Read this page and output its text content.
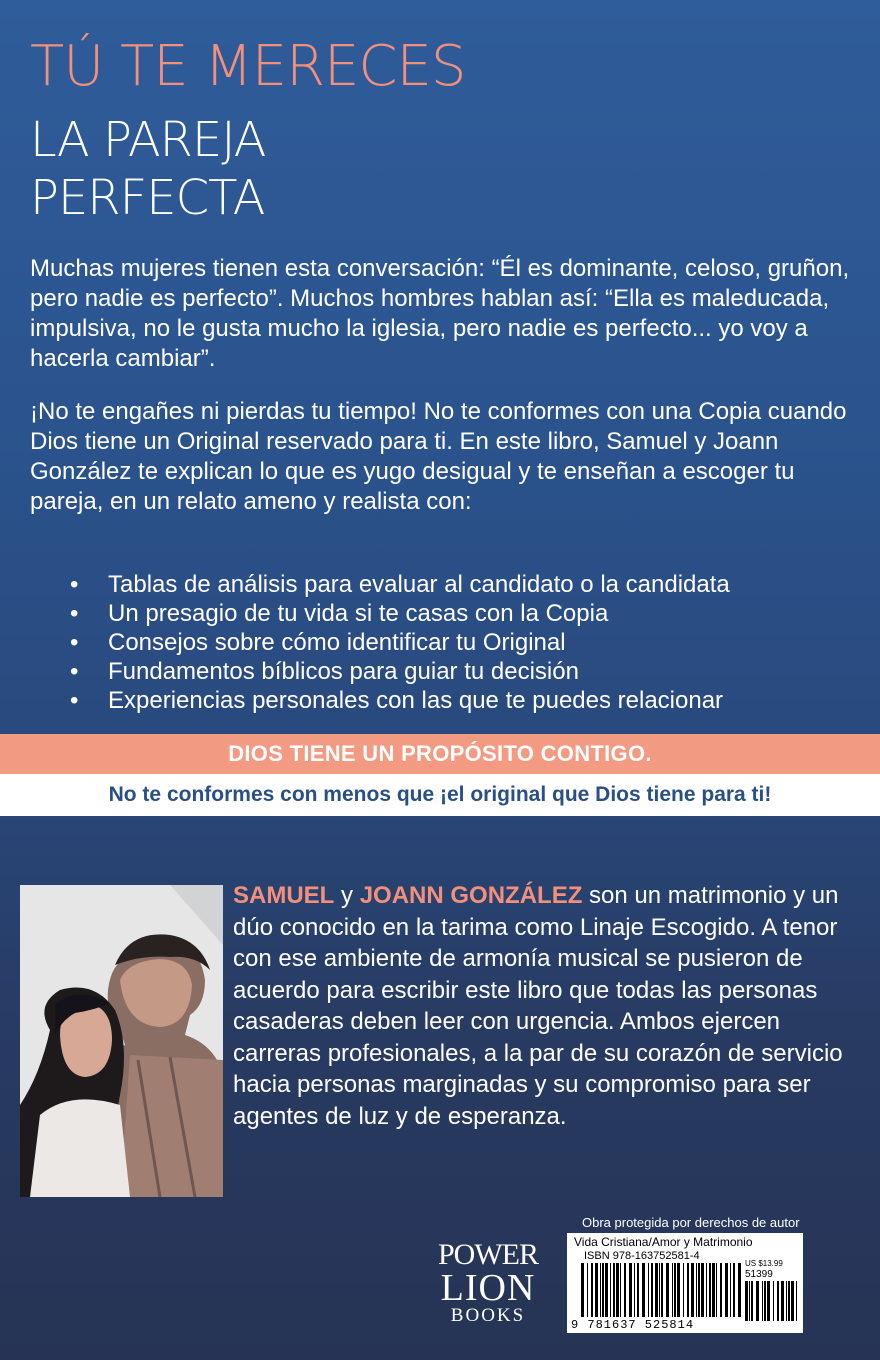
TÚ TE MERECES
LA PAREJA
PERFECTA

Muchas mujeres tienen esta conversación: “Él es dominante, celoso, gruñon, pero nadie es perfecto”. Muchos hombres hablan así: “Ella es maleducada, impulsiva, no le gusta mucho la iglesia, pero nadie es perfecto... yo voy a hacerla cambiar”.

¡No te engañes ni pierdas tu tiempo! No te conformes con una Copia cuando Dios tiene un Original reservado para ti. En este libro, Samuel y Joann González te explican lo que es yugo desigual y te enseñan a escoger tu pareja, en un relato ameno y realista con:

• Tablas de análisis para evaluar al candidato o la candidata
• Un presagio de tu vida si te casas con la Copia
• Consejos sobre cómo identificar tu Original
• Fundamentos bíblicos para guiar tu decisión
• Experiencias personales con las que te puedes relacionar
DIOS TIENE UN PROPÓSITO CONTIGO.
No te conformes con menos que ¡el original que Dios tiene para ti!

SAMUEL y JOANN GONZÁLEZ son un matrimonio y un dúo conocido en la tarima como Linaje Escogido. A tenor con ese ambiente de armonía musical se pusieron de acuerdo para escribir este libro que todas las personas casaderas deben leer con urgencia. Ambos ejercen carreras profesionales, a la par de su corazón de servicio hacia personas marginadas y su compromiso para ser agentes de luz y de esperanza.

POWER
LION
BOOKS
Obra protegida por derechos de autor
Vida Cristiana/Amor y Matrimonio
ISBN 978-163752581-4
US $13.99
51399
9 781637 525814
